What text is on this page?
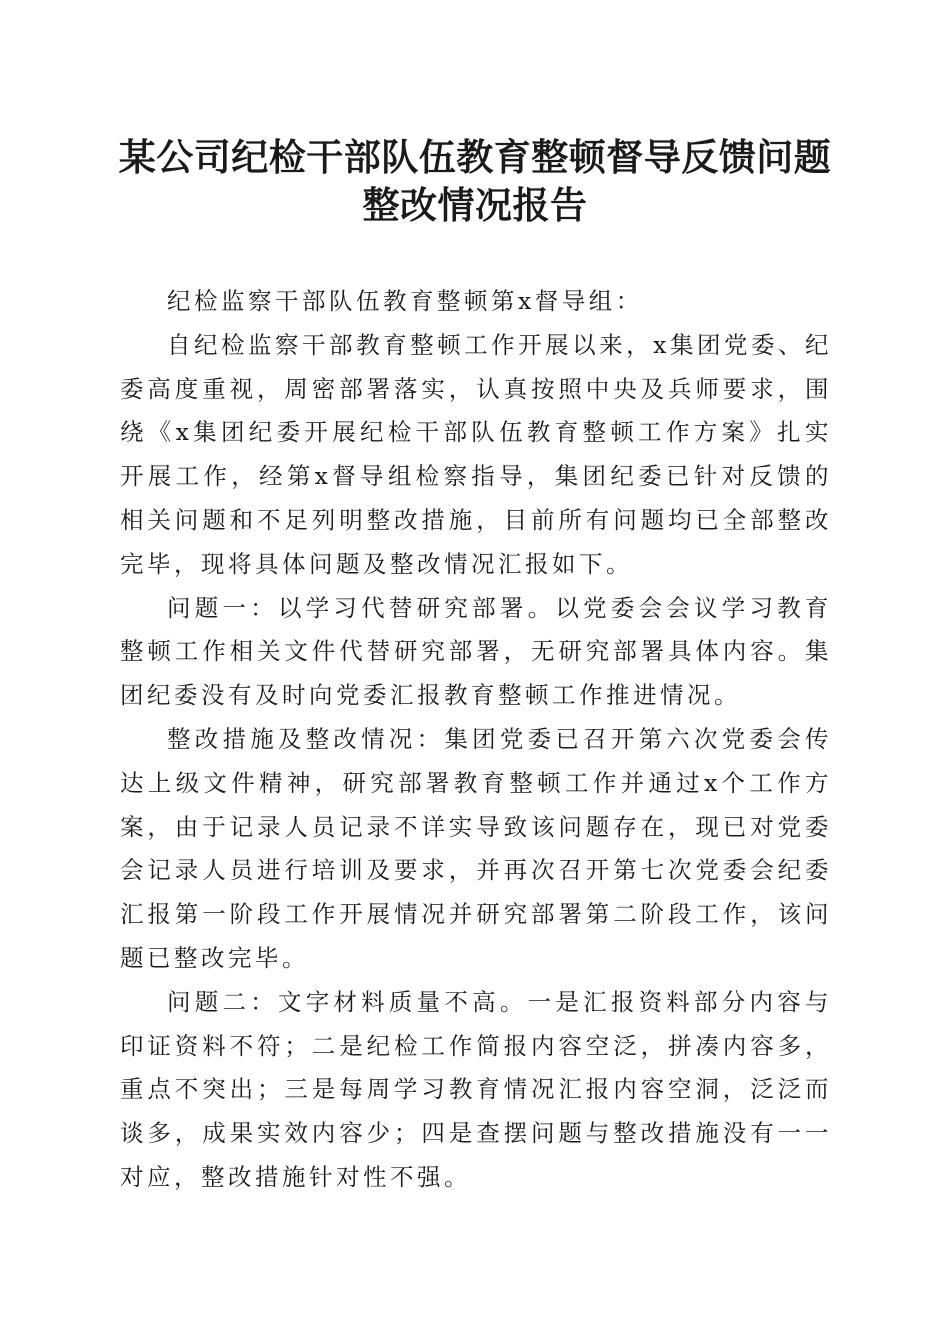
某公司纪检干部队伍教育整顿督导反馈问题整改情况报告

纪检监察干部队伍教育整顿第x督导组：

自纪检监察干部教育整顿工作开展以来，x集团党委、纪委高度重视，周密部署落实，认真按照中央及兵师要求，围绕《x集团纪委开展纪检干部队伍教育整顿工作方案》扎实开展工作，经第x督导组检察指导，集团纪委已针对反馈的相关问题和不足列明整改措施，目前所有问题均已全部整改完毕，现将具体问题及整改情况汇报如下。

问题一：以学习代替研究部署。以党委会会议学习教育整顿工作相关文件代替研究部署，无研究部署具体内容。集团纪委没有及时向党委汇报教育整顿工作推进情况。

整改措施及整改情况：集团党委已召开第六次党委会传达上级文件精神，研究部署教育整顿工作并通过x个工作方案，由于记录人员记录不详实导致该问题存在，现已对党委会记录人员进行培训及要求，并再次召开第七次党委会纪委汇报第一阶段工作开展情况并研究部署第二阶段工作，该问题已整改完毕。

问题二：文字材料质量不高。一是汇报资料部分内容与印证资料不符；二是纪检工作简报内容空泛，拼凑内容多，重点不突出；三是每周学习教育情况汇报内容空洞，泛泛而谈多，成果实效内容少；四是查摆问题与整改措施没有一一对应，整改措施针对性不强。
